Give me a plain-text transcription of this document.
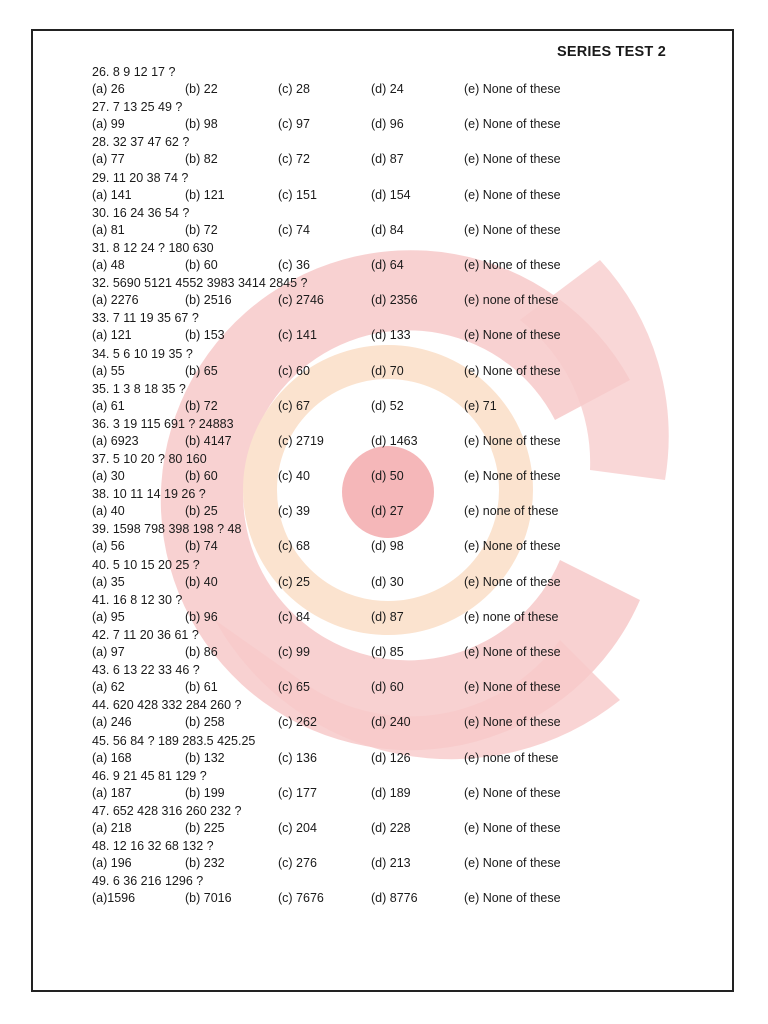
SERIES TEST 2
26. 8 9 12 17 ?
(a) 26	(b) 22	(c) 28	(d) 24	(e) None of these
27. 7 13 25 49 ?
(a) 99	(b) 98	(c) 97	(d) 96	(e) None of these
28. 32 37 47 62 ?
(a) 77	(b) 82	(c) 72	(d) 87	(e) None of these
29. 11 20 38 74 ?
(a) 141	(b) 121	(c) 151	(d) 154	(e) None of these
30. 16 24 36 54 ?
(a) 81	(b) 72	(c) 74	(d) 84	(e) None of these
31. 8 12 24 ? 180 630
(a) 48	(b) 60	(c) 36	(d) 64	(e) None of these
32. 5690 5121 4552 3983 3414 2845 ?
(a) 2276	(b) 2516	(c) 2746	(d) 2356	(e) none of these
33. 7 11 19 35 67 ?
(a) 121	(b) 153	(c) 141	(d) 133	(e) None of these
34. 5 6 10 19 35 ?
(a) 55	(b) 65	(c) 60	(d) 70	(e) None of these
35. 1 3 8 18 35 ?
(a) 61	(b) 72	(c) 67	(d) 52	(e) 71
36. 3 19 115 691 ? 24883
(a) 6923	(b) 4147	(c) 2719	(d) 1463	(e) None of these
37. 5 10 20 ? 80 160
(a) 30	(b) 60	(c) 40	(d) 50	(e) None of these
38. 10 11 14 19 26 ?
(a) 40	(b) 25	(c) 39	(d) 27	(e) none of these
39. 1598 798 398 198 ? 48
(a) 56	(b) 74	(c) 68	(d) 98	(e) None of these
40. 5 10 15 20 25 ?
(a) 35	(b) 40	(c) 25	(d) 30	(e) None of these
41. 16 8 12 30 ?
(a) 95	(b) 96	(c) 84	(d) 87	(e) none of these
42. 7 11 20 36 61 ?
(a) 97	(b) 86	(c) 99	(d) 85	(e) None of these
43. 6 13 22 33 46 ?
(a) 62	(b) 61	(c) 65	(d) 60	(e) None of these
44. 620 428 332 284 260 ?
(a) 246	(b) 258	(c) 262	(d) 240	(e) None of these
45. 56 84 ? 189 283.5 425.25
(a) 168	(b) 132	(c) 136	(d) 126	(e) none of these
46. 9 21 45 81 129 ?
(a) 187	(b) 199	(c) 177	(d) 189	(e) None of these
47. 652 428 316 260 232 ?
(a) 218	(b) 225	(c) 204	(d) 228	(e) None of these
48. 12 16 32 68 132 ?
(a) 196	(b) 232	(c) 276	(d) 213	(e) None of these
49. 6 36 216 1296 ?
(a)1596	(b) 7016	(c) 7676	(d) 8776	(e) None of these
